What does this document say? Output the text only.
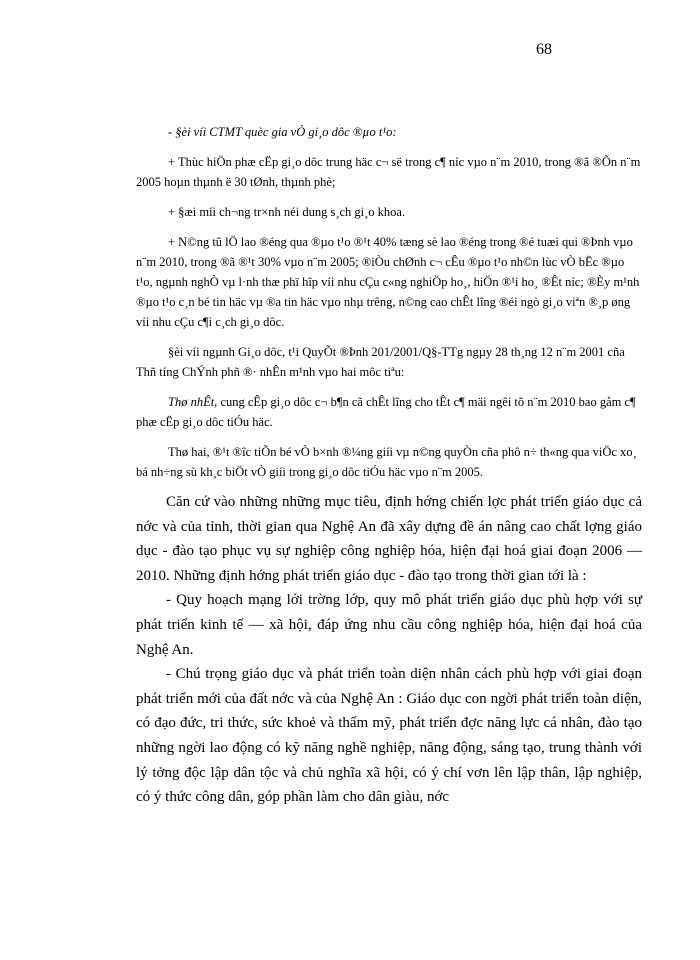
68

- §èi víi CTMT quèc gia vÒ gi¸o dôc ®µo t¹o:

+ Thùc hiÖn phæ cËp gi¸o dôc trung häc c¬ së trong c¶ níc vµo n¨m 2010, trong ®ã ®Õn n¨m 2005 hoµn thµnh ë 30 tØnh, thµnh phè;

+ §æi míi ch¬ng tr×nh néi dung s¸ch gi¸o khoa.

+ N©ng tû lÖ lao ®éng qua ®µo t¹o ®¹t 40% tæng sè lao ®éng trong ®é tuæi qui ®Þnh vµo n¨m 2010, trong ®ã ®¹t 30% vµo n¨m 2005; ®iÒu chØnh c¬ cÊu ®µo t¹o nh©n lùc vÒ bËc ®µo t¹o, ngµnh nghÒ vµ l·nh thæ phï hîp víi nhu cÇu c«ng nghiÖp ho¸, hiÖn ®¹i ho¸ ®Êt níc; ®Èy m¹nh ®µo t¹o c¸n bé tin häc vµ ®a tin häc vµo nhµ trêng, n©ng cao chÊt lîng ®éi ngò gi¸o viªn ®¸p øng víi nhu cÇu c¶i c¸ch gi¸o dôc.

§èi víi ngµnh Gi¸o dôc, t¹i QuyÕt ®Þnh 201/2001/Q§-TTg ngµy 28 th¸ng 12 n¨m 2001 cña Thñ tíng ChÝnh phñ ®· nhÊn m¹nh vµo hai môc tiªu:

Thø nhÊt, cung cÊp gi¸o dôc c¬ b¶n cã chÊt lîng cho tÊt c¶ mäi ngêi tõ n¨m 2010 bao gåm c¶ phæ cËp gi¸o dôc tiÓu häc.

Thø hai, ®¹t ®îc tiÕn bé vÒ b×nh ®¼ng giíi vµ n©ng quyÒn cña phô n÷ th«ng qua viÖc xo¸ bá nh÷ng sù kh¸c biÖt vÒ giíi trong gi¸o dôc tiÓu häc vµo n¨m 2005.

Căn cứ vào những những mục tiêu, định hớng chiến lợc phát triển giáo dục cả nớc và của tỉnh, thời gian qua Nghệ An đã xây dựng đề án nâng cao chất lợng giáo dục - đào tạo phục vụ sự nghiệp công nghiệp hóa, hiện đại hoá giai đoạn 2006 — 2010. Những định hớng phát triển giáo dục - đào tạo trong thời gian tới là :

- Quy hoạch mạng lới trờng lớp, quy mô phát triển giáo dục phù hợp với sự phát triển kinh tế — xã hội, đáp ứng nhu cầu công nghiệp hóa, hiện đại hoá của Nghệ An.

- Chú trọng giáo dục và phát triển toàn diện nhân cách phù hợp với giai đoạn phát triển mới của đất nớc và của Nghệ An : Giáo dục con ngời phát triển toàn diện, có đạo đức, tri thức, sức khoẻ và thẩm mỹ, phát triển đợc năng lực cá nhân, đào tạo những ngời lao động có kỹ năng nghề nghiệp, năng động, sáng tạo, trung thành với lý tởng độc lập dân tộc và chủ nghĩa xã hội, có ý chí vơn lên lập thân, lập nghiệp, có ý thức công dân, góp phần làm cho dân giàu, nớc
